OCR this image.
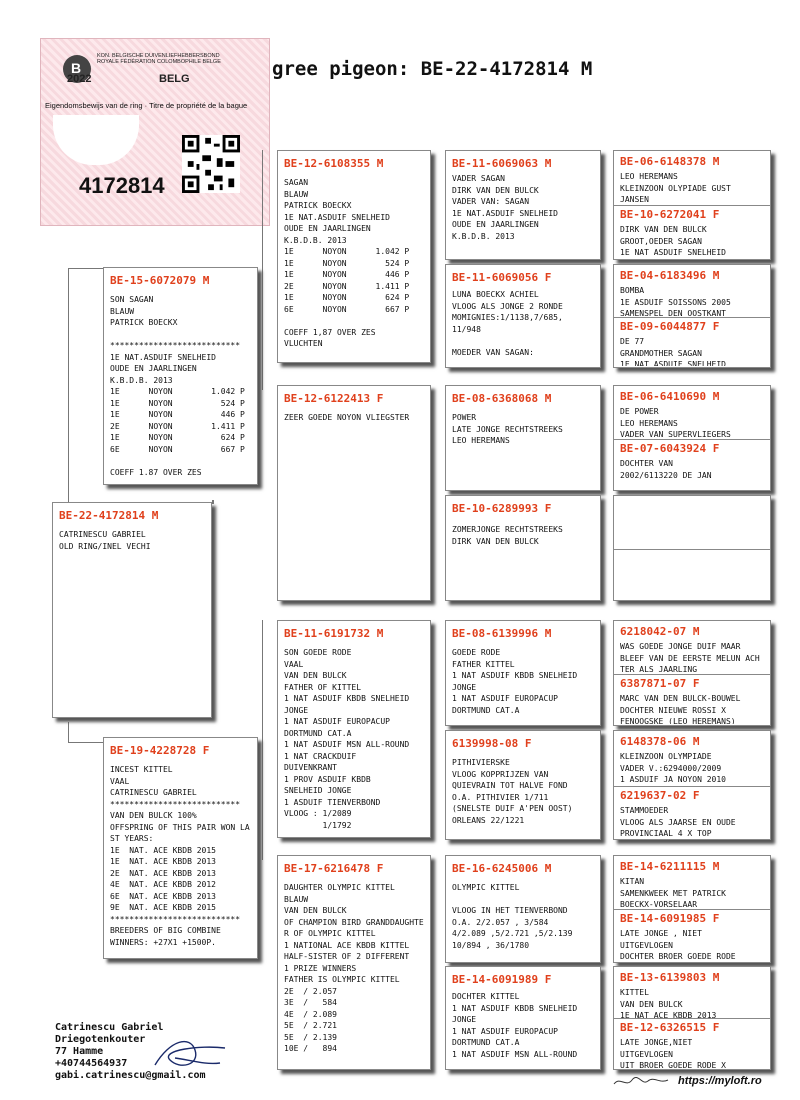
gree pigeon: BE-22-4172814 M
B
KON. BELGISCHE DUIVENLIEFHEBBERSBOND
ROYALE FÉDÉRATION COLOMBOPHILE BELGE
2022	BELG
Eigendomsbewijs van de ring · Titre de propriété de la bague
4172814
BE-22-4172814 M
CATRINESCU GABRIEL
OLD RING/INEL VECHI
BE-15-6072079 M
SON SAGAN
BLAUW
PATRICK BOECKX

***************************
1E NAT.ASDUIF SNELHEID
OUDE EN JAARLINGEN
K.B.D.B. 2013
1E      NOYON        1.042 P
1E      NOYON          524 P
1E      NOYON          446 P
2E      NOYON        1.411 P
1E      NOYON          624 P
6E      NOYON          667 P

COEFF 1.87 OVER ZES
BE-19-4228728 F
INCEST KITTEL
VAAL
CATRINESCU GABRIEL
***************************
VAN DEN BULCK 100%
OFFSPRING OF THIS PAIR WON LA
ST YEARS:
1E  NAT. ACE KBDB 2015
1E  NAT. ACE KBDB 2013
2E  NAT. ACE KBDB 2013
4E  NAT. ACE KBDB 2012
6E  NAT. ACE KBDB 2013
9E  NAT. ACE KBDB 2015
***************************
BREEDERS OF BIG COMBINE
WINNERS: +27X1 +1500P.
BE-12-6108355 M
SAGAN
BLAUW
PATRICK BOECKX
1E NAT.ASDUIF SNELHEID
OUDE EN JAARLINGEN
K.B.D.B. 2013
1E      NOYON      1.042 P
1E      NOYON        524 P
1E      NOYON        446 P
2E      NOYON      1.411 P
1E      NOYON        624 P
6E      NOYON        667 P

COEFF 1,87 OVER ZES
VLUCHTEN
BE-12-6122413 F
ZEER GOEDE NOYON VLIEGSTER
BE-11-6191732 M
SON GOEDE RODE
VAAL
VAN DEN BULCK
FATHER OF KITTEL
1 NAT ASDUIF KBDB SNELHEID
JONGE
1 NAT ASDUIF EUROPACUP
DORTMUND CAT.A
1 NAT ASDUIF MSN ALL-ROUND
1 NAT CRACKDUIF
DUIVENKRANT
1 PROV ASDUIF KBDB
SNELHEID JONGE
1 ASDUIF TIENVERBOND
VLOOG : 1/2089
1/1792
BE-17-6216478 F
DAUGHTER OLYMPIC KITTEL
BLAUW
VAN DEN BULCK
OF CHAMPION BIRD GRANDDAUGHTE
R OF OLYMPIC KITTEL
1 NATIONAL ACE KBDB KITTEL
HALF-SISTER OF 2 DIFFERENT
1 PRIZE WINNERS
FATHER IS OLYMPIC KITTEL
2E  / 2.057
3E  /   584
4E  / 2.089
5E  / 2.721
5E  / 2.139
10E /   894
BE-11-6069063 M
VADER SAGAN
DIRK VAN DEN BULCK
VADER VAN: SAGAN
1E NAT.ASDUIF SNELHEID
OUDE EN JAARLINGEN
K.B.D.B. 2013
BE-11-6069056 F
LUNA BOECKX ACHIEL
VLOOG ALS JONGE 2 RONDE
MOMIGNIES:1/1138,7/685,
11/948

MOEDER VAN SAGAN:
BE-08-6368068 M
POWER
LATE JONGE RECHTSTREEKS
LEO HEREMANS
BE-10-6289993 F
ZOMERJONGE RECHTSTREEKS
DIRK VAN DEN BULCK
BE-08-6139996 M
GOEDE RODE
FATHER KITTEL
1 NAT ASDUIF KBDB SNELHEID
JONGE
1 NAT ASDUIF EUROPACUP
DORTMUND CAT.A
6139998-08 F
PITHIVIERSKE
VLOOG KOPPRIJZEN VAN
QUIEVRAIN TOT HALVE FOND
O.A. PITHIVIER 1/711
(SNELSTE DUIF A'PEN OOST)
ORLEANS 22/1221
BE-16-6245006 M
OLYMPIC KITTEL

VLOOG IN HET TIENVERBOND
O.A. 2/2.057 , 3/584
4/2.089 ,5/2.721 ,5/2.139
10/894 , 36/1780
BE-14-6091989 F
DOCHTER KITTEL
1 NAT ASDUIF KBDB SNELHEID
JONGE
1 NAT ASDUIF EUROPACUP
DORTMUND CAT.A
1 NAT ASDUIF MSN ALL-ROUND
BE-06-6148378 M
LEO HEREMANS
KLEINZOON OLYPIADE GUST
JANSEN
BE-10-6272041 F
DIRK VAN DEN BULCK
GROOT,OEDER SAGAN
1E NAT ASDUIF SNELHEID
BE-04-6183496 M
BOMBA
1E ASDUIF SOISSONS 2005
SAMENSPEL DEN OOSTKANT
BE-09-6044877 F
DE 77
GRANDMOTHER SAGAN
1E NAT ASDUIF SNELHEID
BE-06-6410690 M
DE POWER
LEO HEREMANS
VADER VAN SUPERVLIEGERS
BE-07-6043924 F
DOCHTER VAN
2002/6113220 DE JAN
6218042-07 M
WAS GOEDE JONGE DUIF MAAR
BLEEF VAN DE EERSTE MELUN ACH
TER ALS JAARLING
6387871-07 F
MARC VAN DEN BULCK-BOUWEL
DOCHTER NIEUWE ROSSI X
FENOOGSKE (LEO HEREMANS)
6148378-06 M
KLEINZOON OLYMPIADE
VADER V.:6294000/2009
1 ASDUIF JA NOYON 2010
6219637-02 F
STAMMOEDER
VLOOG ALS JAARSE EN OUDE
PROVINCIAAL 4 X TOP
BE-14-6211115 M
KITAN
SAMENKWEEK MET PATRICK
BOECKX-VORSELAAR
BE-14-6091985 F
LATE JONGE , NIET
UITGEVLOGEN
DOCHTER BROER GOEDE RODE
BE-13-6139803 M
KITTEL
VAN DEN BULCK
1E NAT ACE KBDB 2013
BE-12-6326515 F
LATE JONGE,NIET
UITGEVLOGEN
UIT BROER GOEDE RODE X
Catrinescu Gabriel
Driegotenkouter
77 Hamme
+40744564937
gabi.catrinescu@gmail.com	https://myloft.ro
